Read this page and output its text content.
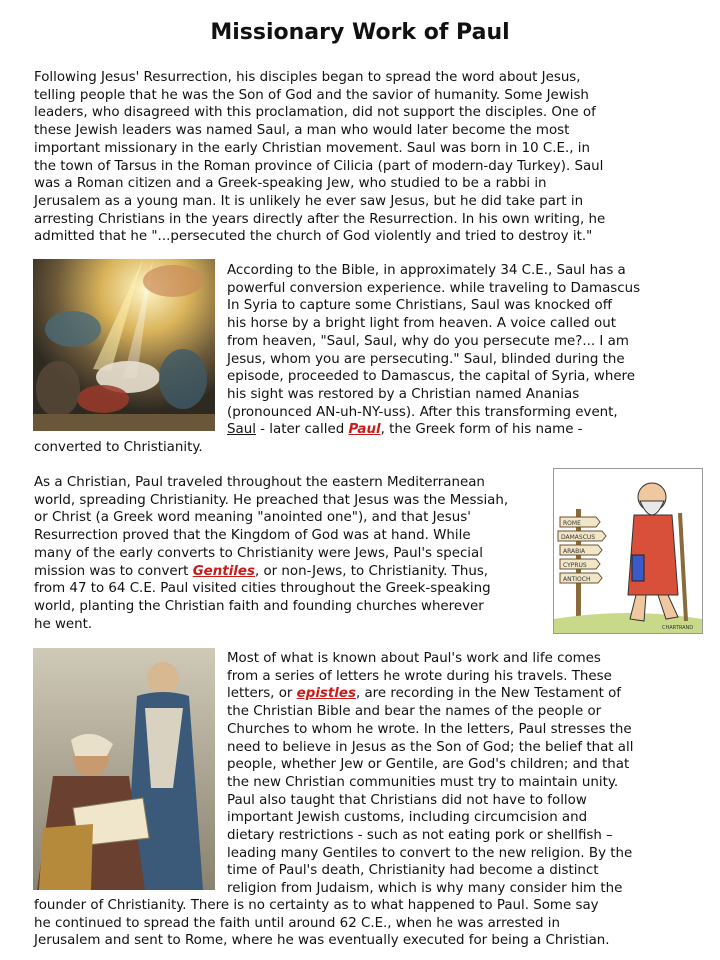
Missionary Work of Paul
Following Jesus' Resurrection, his disciples began to spread the word about Jesus,
telling people that he was the Son of God and the savior of humanity. Some Jewish
leaders, who disagreed with this proclamation, did not support the disciples. One of
these Jewish leaders was named Saul, a man who would later become the most
important missionary in the early Christian movement. Saul was born in 10 C.E., in
the town of Tarsus in the Roman province of Cilicia (part of modern-day Turkey). Saul
was a Roman citizen and a Greek-speaking Jew, who studied to be a rabbi in
Jerusalem as a young man. It is unlikely he ever saw Jesus, but he did take part in
arresting Christians in the years directly after the Resurrection. In his own writing, he
admitted that he "...persecuted the church of God violently and tried to destroy it."
According to the Bible, in approximately 34 C.E., Saul has a
powerful conversion experience. while traveling to Damascus
In Syria to capture some Christians, Saul was knocked off
his horse by a bright light from heaven. A voice called out
from heaven, "Saul, Saul, why do you persecute me?... I am
Jesus, whom you are persecuting." Saul, blinded during the
episode, proceeded to Damascus, the capital of Syria, where
his sight was restored by a Christian named Ananias
(pronounced AN-uh-NY-uss). After this transforming event,
Saul - later called Paul, the Greek form of his name -
converted to Christianity.
As a Christian, Paul traveled throughout the eastern Mediterranean
world, spreading Christianity. He preached that Jesus was the Messiah,
or Christ (a Greek word meaning "anointed one"), and that Jesus'
Resurrection proved that the Kingdom of God was at hand. While
many of the early converts to Christianity were Jews, Paul's special
mission was to convert Gentiles, or non-Jews, to Christianity. Thus,
from 47 to 64 C.E. Paul visited cities throughout the Greek-speaking
world, planting the Christian faith and founding churches wherever
he went.
ROME
DAMASCUS
ARABIA
CYPRUS
ANTIOCH
CHARTRAND
Most of what is known about Paul's work and life comes
from a series of letters he wrote during his travels. These
letters, or epistles, are recording in the New Testament of
the Christian Bible and bear the names of the people or
Churches to whom he wrote. In the letters, Paul stresses the
need to believe in Jesus as the Son of God; the belief that all
people, whether Jew or Gentile, are God's children; and that
the new Christian communities must try to maintain unity.
Paul also taught that Christians did not have to follow
important Jewish customs, including circumcision and
dietary restrictions - such as not eating pork or shellfish –
leading many Gentiles to convert to the new religion. By the
time of Paul's death, Christianity had become a distinct
religion from Judaism, which is why many consider him the
founder of Christianity. There is no certainty as to what happened to Paul. Some say
he continued to spread the faith until around 62 C.E., when he was arrested in
Jerusalem and sent to Rome, where he was eventually executed for being a Christian.
